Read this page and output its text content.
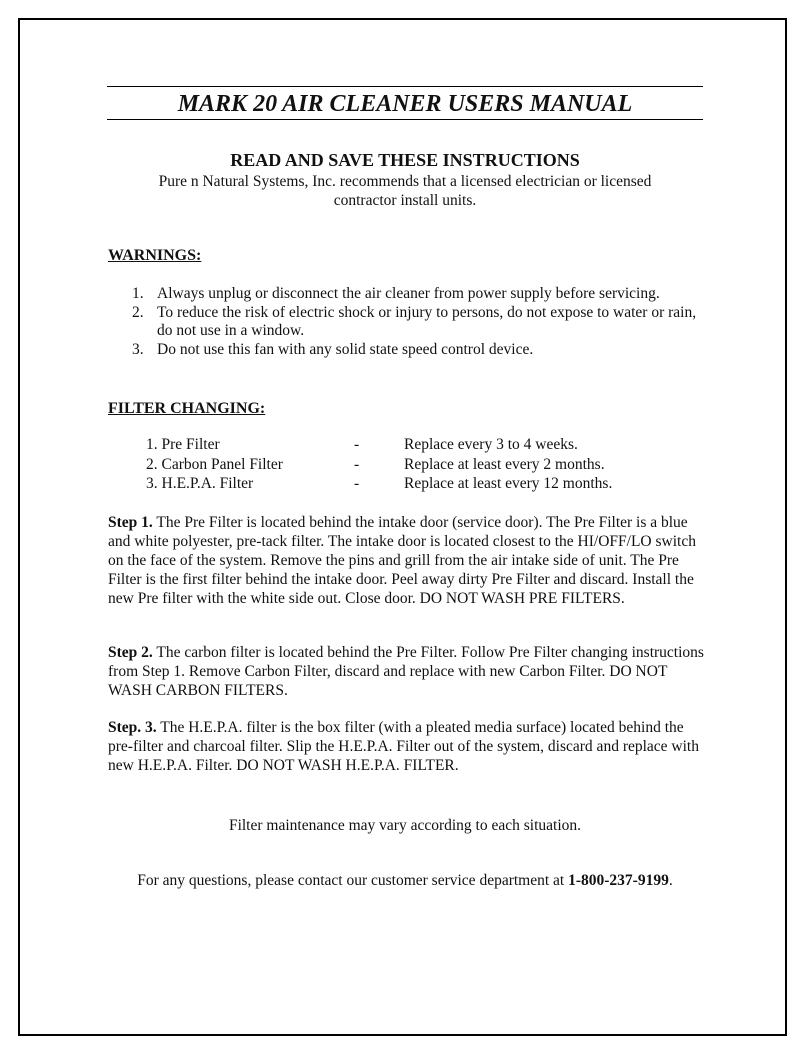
MARK 20 AIR CLEANER USERS MANUAL
READ AND SAVE THESE INSTRUCTIONS

Pure n Natural Systems, Inc. recommends that a licensed electrician or licensed contractor install units.

WARNINGS:
1. Always unplug or disconnect the air cleaner from power supply before servicing.
2. To reduce the risk of electric shock or injury to persons, do not expose to water or rain, do not use in a window.
3. Do not use this fan with any solid state speed control device.
FILTER CHANGING:
1. Pre Filter	-	Replace every 3 to 4 weeks.
2. Carbon Panel Filter	-	Replace at least every 2 months.
3. H.E.P.A. Filter	-	Replace at least every 12 months.

Step 1. The Pre Filter is located behind the intake door (service door). The Pre Filter is a blue and white polyester, pre-tack filter. The intake door is located closest to the HI/OFF/LO switch on the face of the system. Remove the pins and grill from the air intake side of unit. The Pre Filter is the first filter behind the intake door. Peel away dirty Pre Filter and discard. Install the new Pre filter with the white side out. Close door. DO NOT WASH PRE FILTERS.

Step 2. The carbon filter is located behind the Pre Filter. Follow Pre Filter changing instructions from Step 1. Remove Carbon Filter, discard and replace with new Carbon Filter. DO NOT WASH CARBON FILTERS.

Step. 3. The H.E.P.A. filter is the box filter (with a pleated media surface) located behind the pre-filter and charcoal filter. Slip the H.E.P.A. Filter out of the system, discard and replace with new H.E.P.A. Filter. DO NOT WASH H.E.P.A. FILTER.

Filter maintenance may vary according to each situation.

For any questions, please contact our customer service department at 1-800-237-9199.
